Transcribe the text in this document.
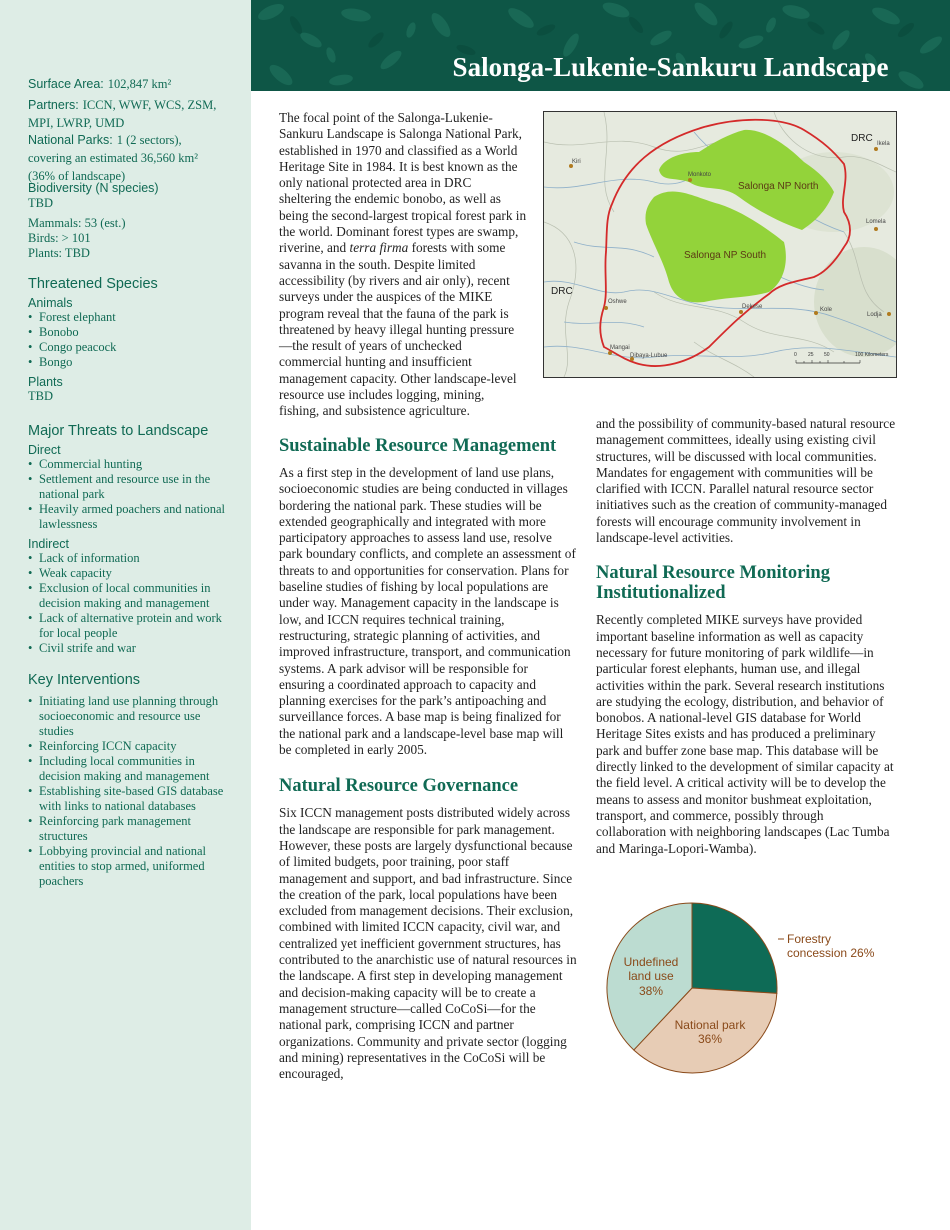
Surface Area: 102,847 km²
Partners: ICCN, WWF, WCS, ZSM, MPI, LWRP, UMD
National Parks: 1 (2 sectors), covering an estimated 36,560 km² (36% of landscape)
Biodiversity (N species)
TBD
Mammals: 53 (est.)
Birds: > 101
Plants: TBD
Threatened Species
Animals
• Forest elephant
• Bonobo
• Congo peacock
• Bongo
Plants
TBD
Major Threats to Landscape
Direct
• Commercial hunting
• Settlement and resource use in the national park
• Heavily armed poachers and national lawlessness
Indirect
• Lack of information
• Weak capacity
• Exclusion of local communities in decision making and management
• Lack of alternative protein and work for local people
• Civil strife and war
Key Interventions
• Initiating land use planning through socioeconomic and resource use studies
• Reinforcing ICCN capacity
• Including local communities in decision making and management
• Establishing site-based GIS database with links to national databases
• Reinforcing park management structures
• Lobbying provincial and national entities to stop armed, uniformed poachers
Salonga-Lukenie-Sankuru Landscape

The focal point of the Salonga-Lukenie-Sankuru Landscape is Salonga National Park, established in 1970 and classified as a World Heritage Site in 1984. It is best known as the only national protected area in DRC sheltering the endemic bonobo, as well as being the second-largest tropical forest park in the world. Dominant forest types are swamp, riverine, and terra firma forests with some savanna in the south. Despite limited accessibility (by rivers and air only), recent surveys under the auspices of the MIKE program reveal that the fauna of the park is threatened by heavy illegal hunting pressure—the result of years of unchecked commercial hunting and insufficient management capacity. Other landscape-level resource use includes logging, mining, fishing, and subsistence agriculture.

Sustainable Resource Management

As a first step in the development of land use plans, socioeconomic studies are being conducted in villages bordering the national park. These studies will be extended geographically and integrated with more participatory approaches to assess land use, resolve park boundary conflicts, and complete an assessment of threats to and opportunities for conservation. Plans for baseline studies of fishing by local populations are under way. Management capacity in the landscape is low, and ICCN requires technical training, restructuring, strategic planning of activities, and improved infrastructure, transport, and communication systems. A park advisor will be responsible for ensuring a coordinated approach to capacity and planning exercises for the park’s antipoaching and surveillance forces. A base map is being finalized for the national park and a landscape-level base map will be completed in early 2005.

Natural Resource Governance

Six ICCN management posts distributed widely across the landscape are responsible for park management. However, these posts are largely dysfunctional because of limited budgets, poor training, poor staff management and support, and bad infrastructure. Since the creation of the park, local populations have been excluded from management decisions. Their exclusion, combined with limited ICCN capacity, civil war, and centralized yet inefficient government structures, has contributed to the anarchistic use of natural resources in the landscape. A first step in developing management and decision-making capacity will be to create a management structure—called CoCoSi—for the national park, comprising ICCN and partner organizations. Community and private sector (logging and mining) representatives in the CoCoSi will be encouraged,

and the possibility of community-based natural resource management committees, ideally using existing civil structures, will be discussed with local communities. Mandates for engagement with communities will be clarified with ICCN. Parallel natural resource sector initiatives such as the creation of community-managed forests will encourage community involvement in landscape-level activities.

Natural Resource Monitoring Institutionalized

Recently completed MIKE surveys have provided important baseline information as well as capacity necessary for future monitoring of park wildlife—in particular forest elephants, human use, and illegal activities within the park. Several research institutions are studying the ecology, distribution, and behavior of bonobos. A national-level GIS database for World Heritage Sites exists and has produced a preliminary park and buffer zone base map. This database will be directly linked to the development of similar capacity at the field level. A critical activity will be to develop the means to assess and monitor bushmeat exploitation, transport, and commerce, possibly through collaboration with neighboring landscapes (Lac Tumba and Maringa-Lopori-Wamba).

DRC
DRC
Salonga NP North
Salonga NP South
Kiri
Monkoto
Ikela
Lomela
Oshwe
Dekese	Kole
Lodja
Mangai
Dibaya-Lubue	0 25 50	100 Kilometers
Forestry
concession 26%
National park
36%
Undefined
land use
38%
